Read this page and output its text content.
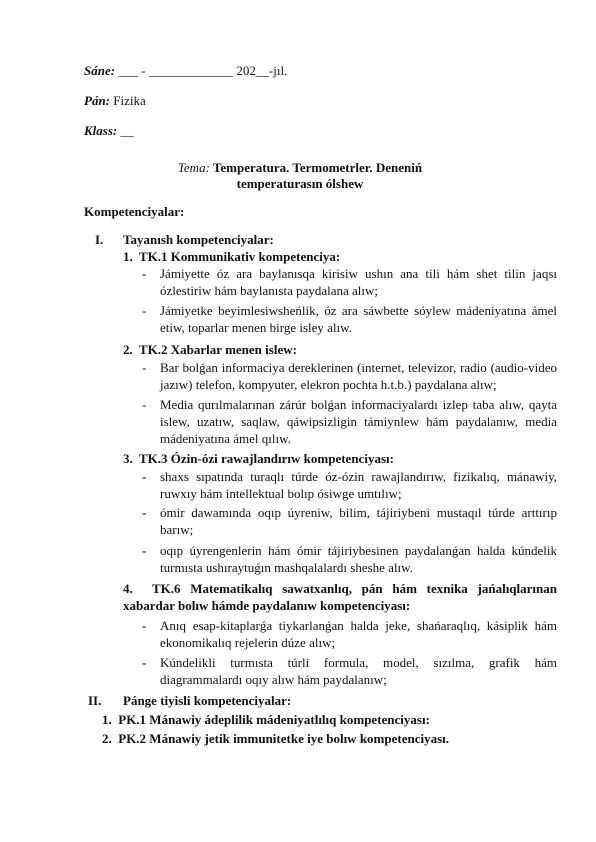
Sáne: ___ - _____________ 202__-jıl.
Pán: Fizika
Klass: __
Tema: Temperatura. Termometrler. Deneniń
temperaturasın ólshew
Kompetenciyalar:
I. Tayanısh kompetenciyalar:
1. TK.1 Kommunikativ kompetenciya:
- Jámiyette óz ara baylanısqa kirisiw ushın ana tili hám shet tilin jaqsı ózlestiriw hám baylanısta paydalana alıw;
- Jámiyetke beyimlesiwsheńlik, óz ara sáwbette sóylew mádeniyatına ámel etiw, toparlar menen birge isley alıw.
2. TK.2 Xabarlar menen islew:
- Bar bolǵan informaciya dereklerinen (internet, televizor, radio (audio-video jazıw) telefon, kompyuter, elekron pochta h.t.b.) paydalana alıw;
- Media qurılmalarınan zárúr bolǵan informaciyalardı izlep taba alıw, qayta islew, uzatıw, saqlaw, qáwipsizligin támiynlew hám paydalanıw, media mádeniyatına ámel qılıw.
3. TK.3 Ózin-ózi rawajlandırıw kompetenciyası:
- shaxs sıpatında turaqlı túrde óz-ózin rawajlandırıw, fizikalıq, mánawiy, ruwxıy hám intellektual bolıp ósiwge umtılıw;
- ómir dawamında oqıp úyreniw, bilim, tájiriybeni mustaqıl túrde arttırıp barıw;
- oqıp úyrengenlerin hám ómir tájiriybesinen paydalanǵan halda kúndelik turmısta ushıraytuǵın mashqalalardı sheshe alıw.
4. TK.6 Matematikalıq sawatxanlıq, pán hám texnika jańalıqlarınan xabardar bolıw hámde paydalanıw kompetenciyası:
- Anıq esap-kitaplarǵa tiykarlanǵan halda jeke, shańaraqlıq, kásiplik hám ekonomikalıq rejelerin dúze alıw;
- Kúndelikli turmısta túrli formula, model, sızılma, grafik hám diagrammalardı oqıy alıw hám paydalanıw;
II. Pánge tiyisli kompetenciyalar:
1. PK.1 Mánawiy ádeplilik mádeniyatlılıq kompetenciyası:
2. PK.2 Mánawiy jetik immunitetke iye bolıw kompetenciyası.
